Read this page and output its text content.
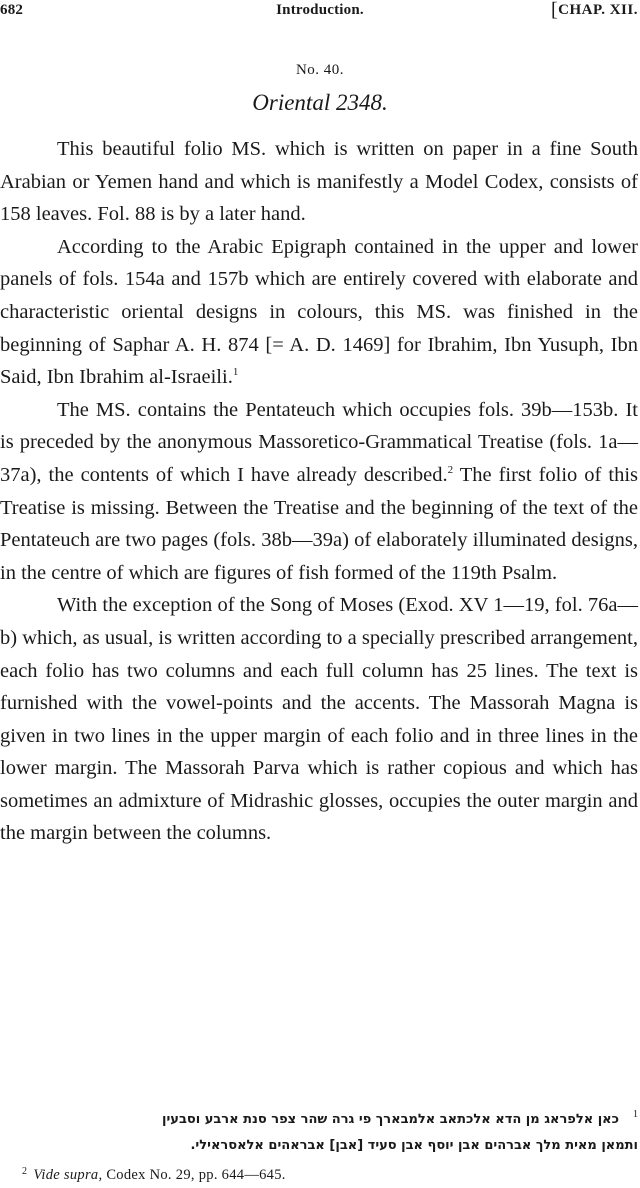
682	Introduction.	[CHAP. XII.
No. 40.
Oriental 2348.

This beautiful folio MS. which is written on paper in a fine South Arabian or Yemen hand and which is manifestly a Model Codex, consists of 158 leaves. Fol. 88 is by a later hand.

According to the Arabic Epigraph contained in the upper and lower panels of fols. 154a and 157b which are entirely covered with elaborate and characteristic oriental designs in colours, this MS. was finished in the beginning of Saphar A. H. 874 [= A. D. 1469] for Ibrahim, Ibn Yusuph, Ibn Said, Ibn Ibrahim al-Israeili.$^1$

The MS. contains the Pentateuch which occupies fols. 39b—153b. It is preceded by the anonymous Massoretico-Grammatical Treatise (fols. 1a—37a), the contents of which I have already described.$^2$ The first folio of this Treatise is missing. Between the Treatise and the beginning of the text of the Pentateuch are two pages (fols. 38b—39a) of elaborately illuminated designs, in the centre of which are figures of fish formed of the 119th Psalm.

With the exception of the Song of Moses (Exod. XV 1—19, fol. 76a—b) which, as usual, is written according to a specially prescribed arrangement, each folio has two columns and each full column has 25 lines. The text is furnished with the vowel-points and the accents. The Massorah Magna is given in two lines in the upper margin of each folio and in three lines in the lower margin. The Massorah Parva which is rather copious and which has sometimes an admixture of Midrashic glosses, occupies the outer margin and the margin between the columns.

$^1$כאן אלפראג מן הדא אלכתאב אלמבארך פי גרה שהר צפר סנת ארבע וסבעין
ותמאן מאית מלך אברהים אבן יוסף אבן סעיד [אבן] אבראהים אלאסראילי.
$^2$ Vide supra, Codex No. 29, pp. 644—645.
